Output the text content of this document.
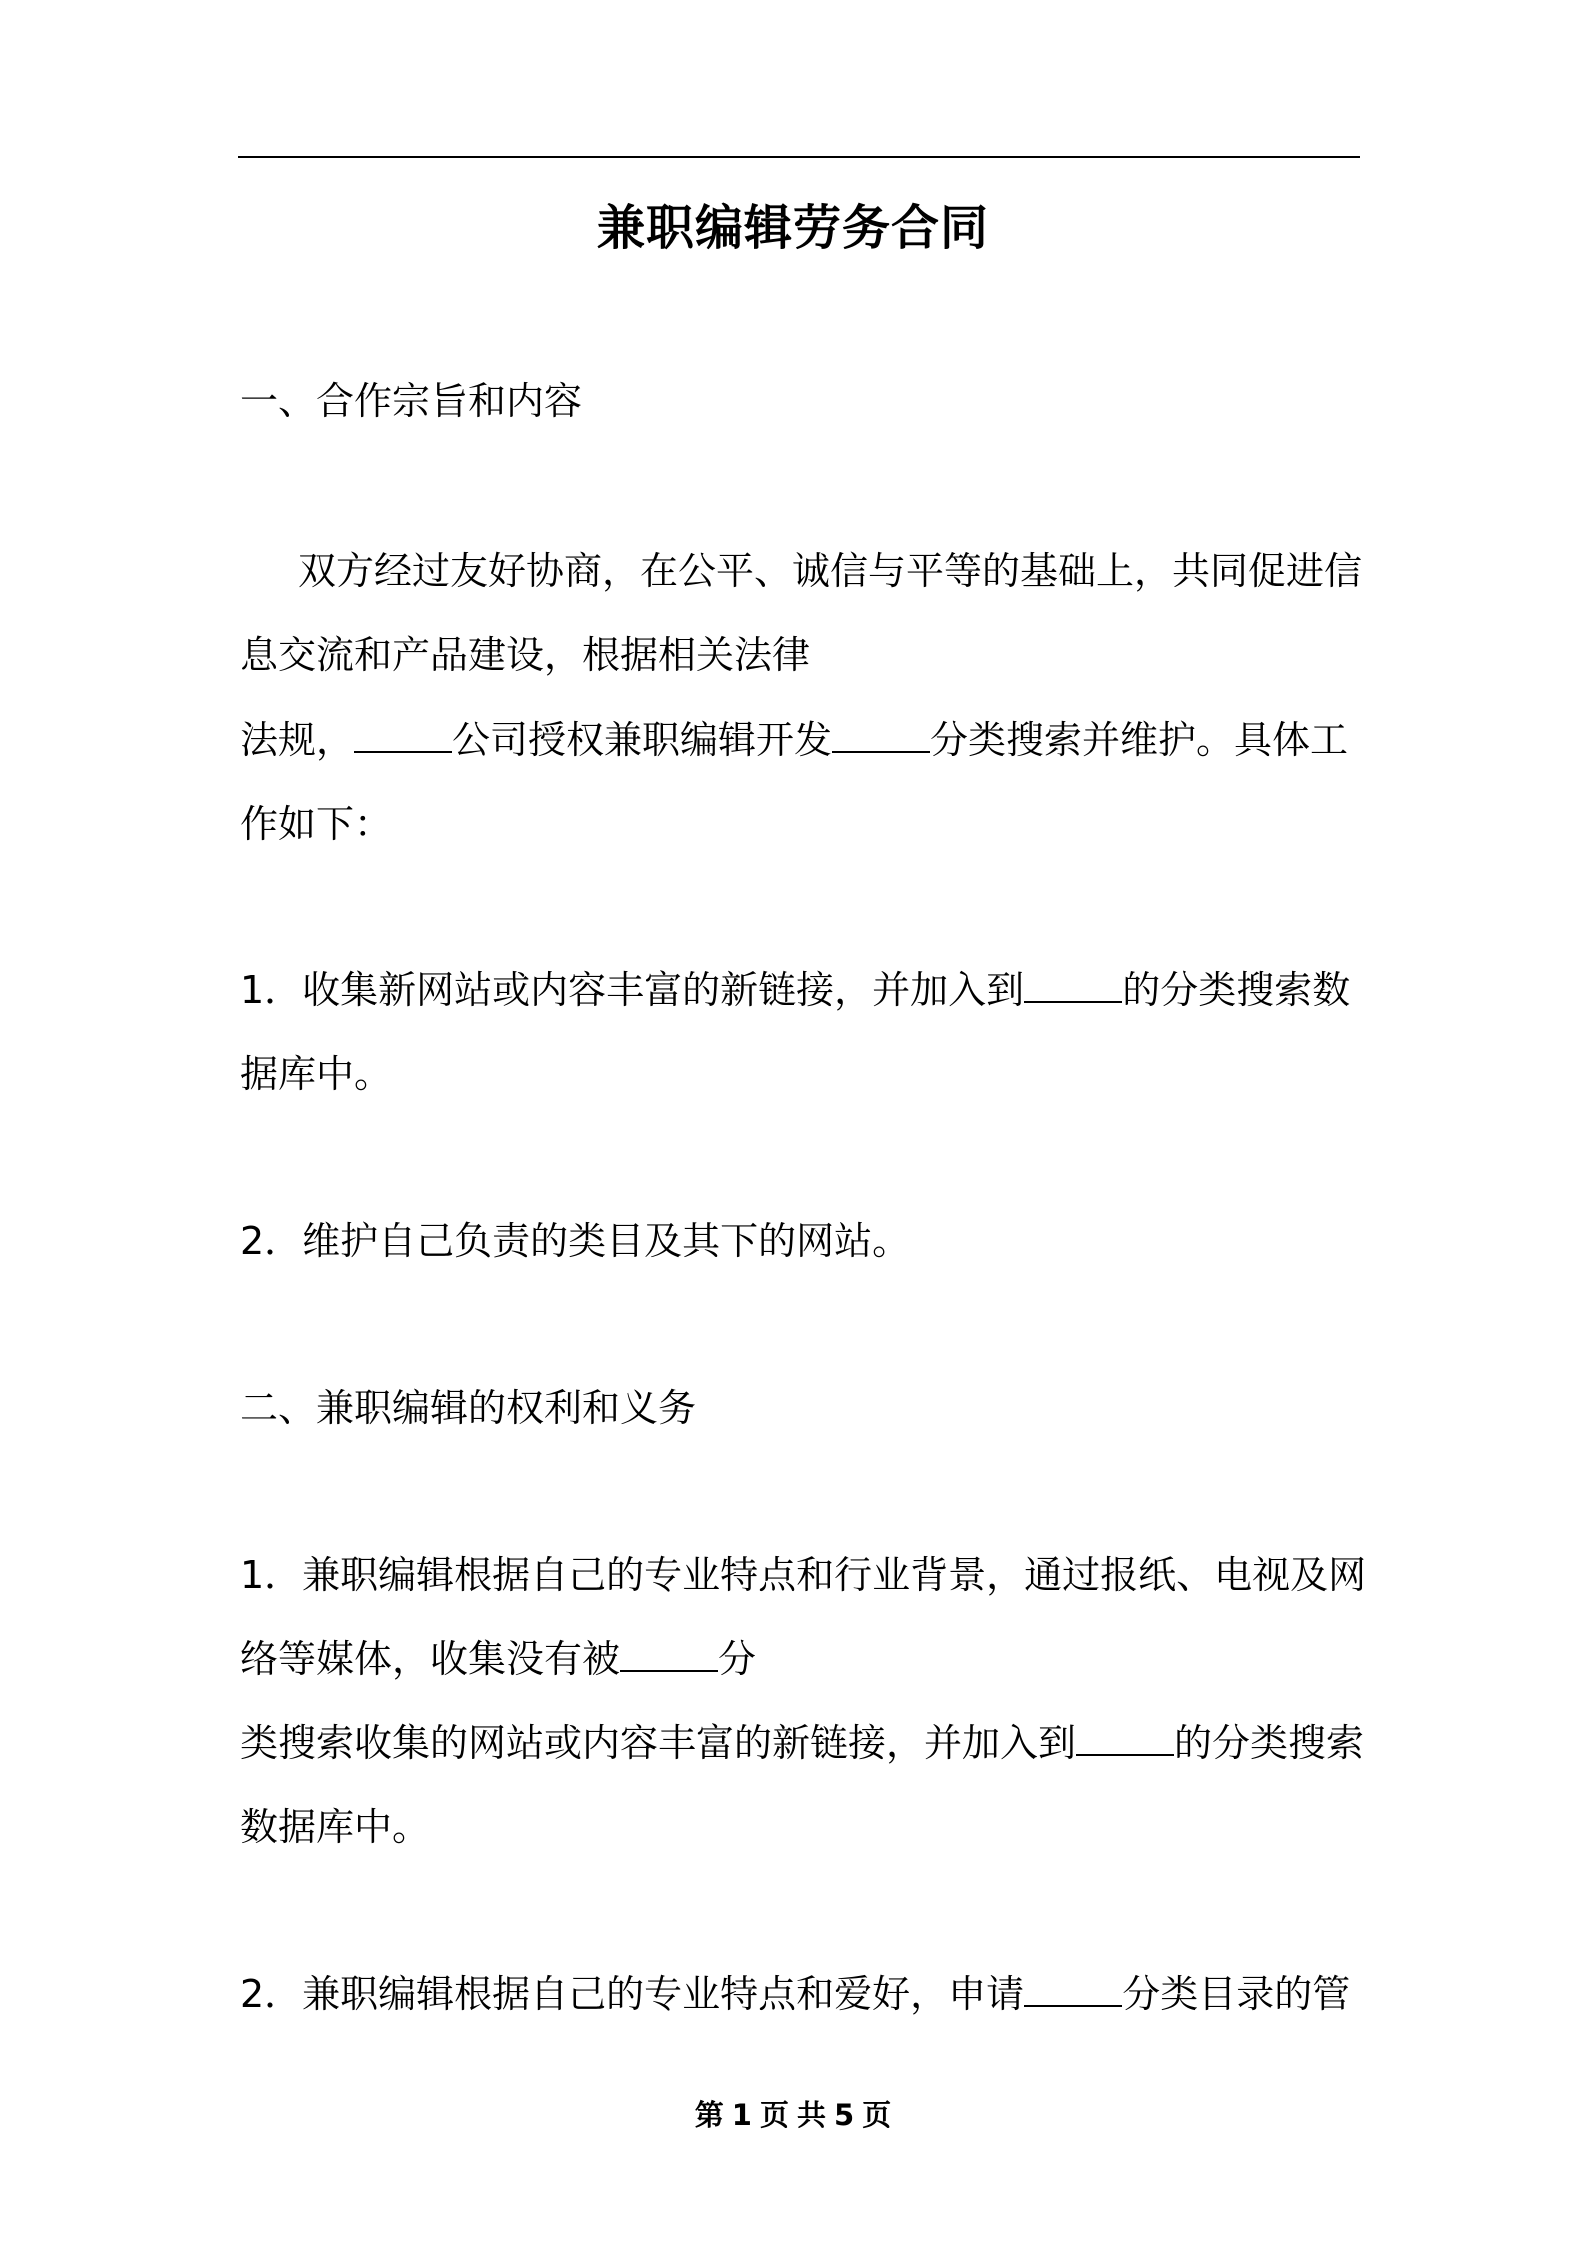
兼职编辑劳务合同
一、合作宗旨和内容
双方经过友好协商，在公平、诚信与平等的基础上，共同促进信
息交流和产品建设，根据相关法律
法规，	公司授权兼职编辑开发	分类搜索并维护。具体工
作如下：
1．收集新网站或内容丰富的新链接，并加入到	的分类搜索数
据库中。
2．维护自己负责的类目及其下的网站。
二、兼职编辑的权利和义务
1．兼职编辑根据自己的专业特点和行业背景，通过报纸、电视及网
络等媒体，收集没有被	分
类搜索收集的网站或内容丰富的新链接，并加入到	的分类搜索
数据库中。
2．兼职编辑根据自己的专业特点和爱好，申请	分类目录的管
第 1 页 共 5 页
